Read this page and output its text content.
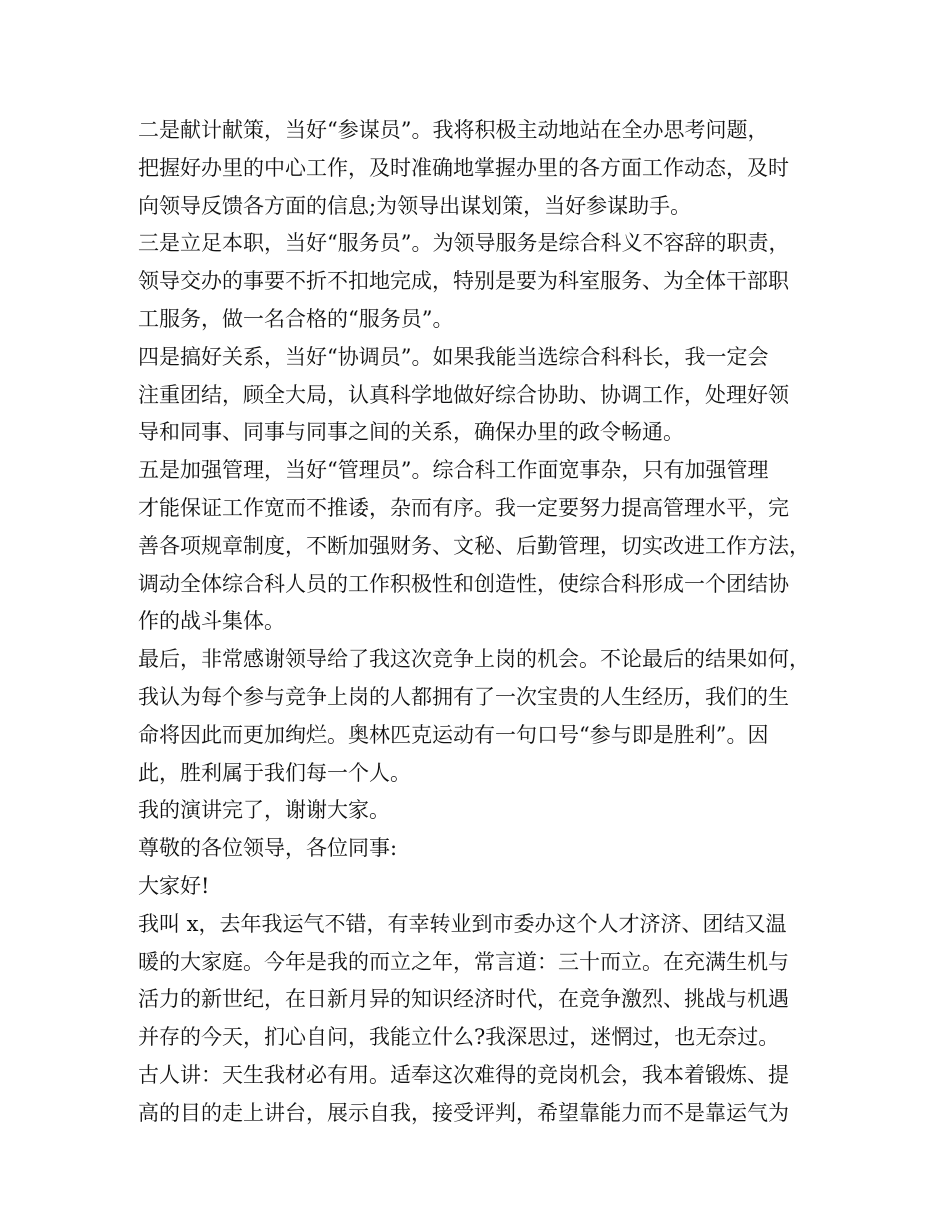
二是献计献策，当好“参谋员”。我将积极主动地站在全办思考问题，
把握好办里的中心工作，及时准确地掌握办里的各方面工作动态，及时
向领导反馈各方面的信息;为领导出谋划策，当好参谋助手。
三是立足本职，当好“服务员”。为领导服务是综合科义不容辞的职责，
领导交办的事要不折不扣地完成，特别是要为科室服务、为全体干部职
工服务，做一名合格的“服务员”。
四是搞好关系，当好“协调员”。如果我能当选综合科科长，我一定会
注重团结，顾全大局，认真科学地做好综合协助、协调工作，处理好领
导和同事、同事与同事之间的关系，确保办里的政令畅通。
五是加强管理，当好“管理员”。综合科工作面宽事杂，只有加强管理
才能保证工作宽而不推诿，杂而有序。我一定要努力提高管理水平，完
善各项规章制度，不断加强财务、文秘、后勤管理，切实改进工作方法，
调动全体综合科人员的工作积极性和创造性，使综合科形成一个团结协
作的战斗集体。
最后，非常感谢领导给了我这次竞争上岗的机会。不论最后的结果如何，
我认为每个参与竞争上岗的人都拥有了一次宝贵的人生经历，我们的生
命将因此而更加绚烂。奥林匹克运动有一句口号“参与即是胜利”。因
此，胜利属于我们每一个人。
我的演讲完了，谢谢大家。
尊敬的各位领导，各位同事:
大家好!
我叫 x，去年我运气不错，有幸转业到市委办这个人才济济、团结又温
暖的大家庭。今年是我的而立之年，常言道：三十而立。在充满生机与
活力的新世纪，在日新月异的知识经济时代，在竞争激烈、挑战与机遇
并存的今天，扪心自问，我能立什么?我深思过，迷惘过，也无奈过。
古人讲：天生我材必有用。适奉这次难得的竞岗机会，我本着锻炼、提
高的目的走上讲台，展示自我，接受评判，希望靠能力而不是靠运气为
